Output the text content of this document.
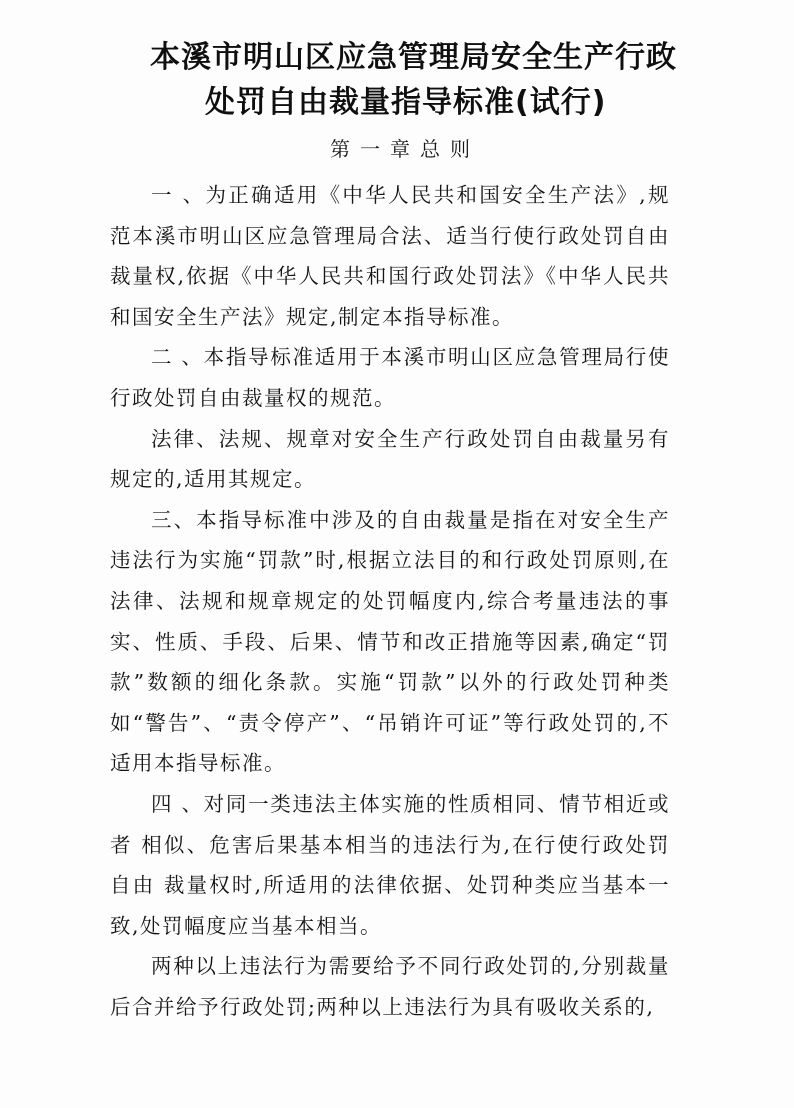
本溪市明山区应急管理局安全生产行政
处罚自由裁量指导标准(试行)
第一章总则

一 、为正确适用《中华人民共和国安全生产法》,规范本溪市明山区应急管理局合法、适当行使行政处罚自由裁量权,依据《中华人民共和国行政处罚法》《中华人民共和国安全生产法》规定,制定本指导标准。

二 、本指导标准适用于本溪市明山区应急管理局行使行政处罚自由裁量权的规范。

法律、法规、规章对安全生产行政处罚自由裁量另有规定的,适用其规定。

三、本指导标准中涉及的自由裁量是指在对安全生产违法行为实施“罚款”时,根据立法目的和行政处罚原则,在法律、法规和规章规定的处罚幅度内,综合考量违法的事实、性质、手段、后果、情节和改正措施等因素,确定“罚款”数额的细化条款。实施“罚款”以外的行政处罚种类如“警告”、“责令停产”、“吊销许可证”等行政处罚的,不适用本指导标准。

四 、对同一类违法主体实施的性质相同、情节相近或者 相似、危害后果基本相当的违法行为,在行使行政处罚自由 裁量权时,所适用的法律依据、处罚种类应当基本一致,处罚幅度应当基本相当。

两种以上违法行为需要给予不同行政处罚的,分别裁量后合并给予行政处罚;两种以上违法行为具有吸收关系的,
